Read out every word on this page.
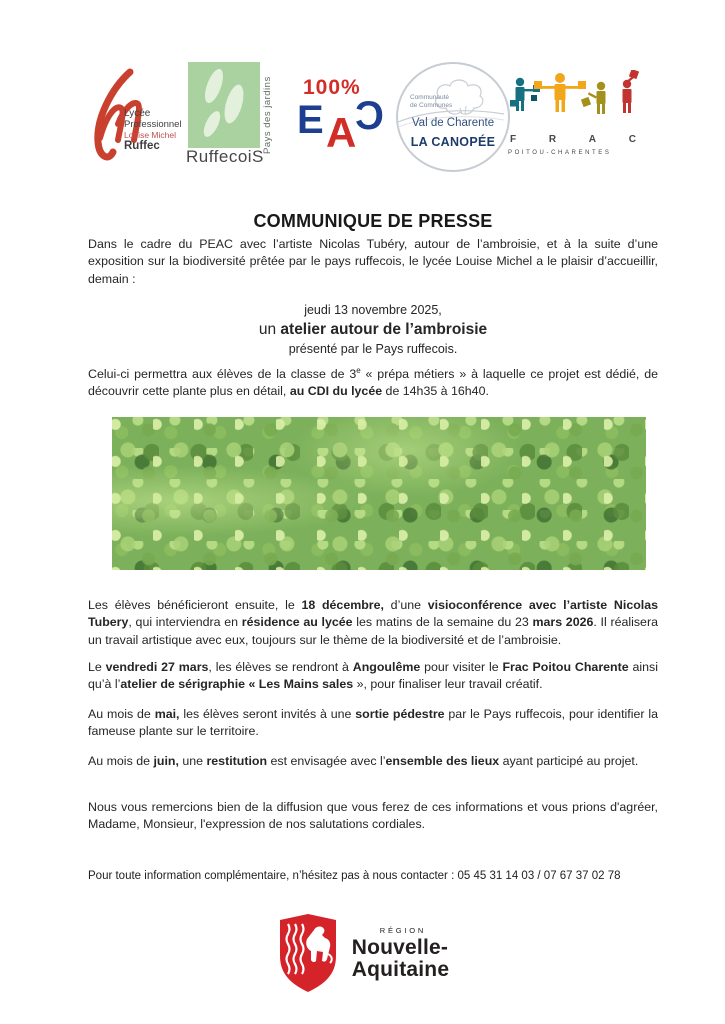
Lycée
Professionnel
Louise Michel
Ruffec	Pays des jardins
RuffecoiS
100%
E A
C	Communauté
de Communes
Val de Charente
LA CANOPÉE	F	R	A	C
POITOU-CHARENTES
COMMUNIQUE DE PRESSE

Dans le cadre du PEAC avec l’artiste Nicolas Tubéry, autour de l’ambroisie, et à la suite d’une exposition sur la biodiversité prêtée par le pays ruffecois, le lycée Louise Michel a le plaisir d’accueillir, demain :

jeudi 13 novembre 2025,
un atelier autour de l’ambroisie
présenté par le Pays ruffecois.

Celui-ci permettra aux élèves de la classe de 3e « prépa métiers » à laquelle ce projet est dédié, de découvrir cette plante plus en détail, au CDI du lycée de 14h35 à 16h40.

Les élèves bénéficieront ensuite, le 18 décembre, d’une visioconférence avec l’artiste Nicolas Tubery, qui interviendra en résidence au lycée les matins de la semaine du 23 mars 2026. Il réalisera un travail artistique avec eux, toujours sur le thème de la biodiversité et de l’ambroisie.

Le vendredi 27 mars, les élèves se rendront à Angoulême pour visiter le Frac Poitou Charente ainsi qu’à l’atelier de sérigraphie « Les Mains sales », pour finaliser leur travail créatif.

Au mois de mai, les élèves seront invités à une sortie pédestre par le Pays ruffecois, pour identifier la fameuse plante sur le territoire.

Au mois de juin, une restitution est envisagée avec l’ensemble des lieux ayant participé au projet.

Nous vous remercions bien de la diffusion que vous ferez de ces informations et vous prions d'agréer, Madame, Monsieur, l'expression de nos salutations cordiales.

Pour toute information complémentaire, n’hésitez pas à nous contacter : 05 45 31 14 03 / 07 67 37 02 78

RÉGION
Nouvelle-
Aquitaine
